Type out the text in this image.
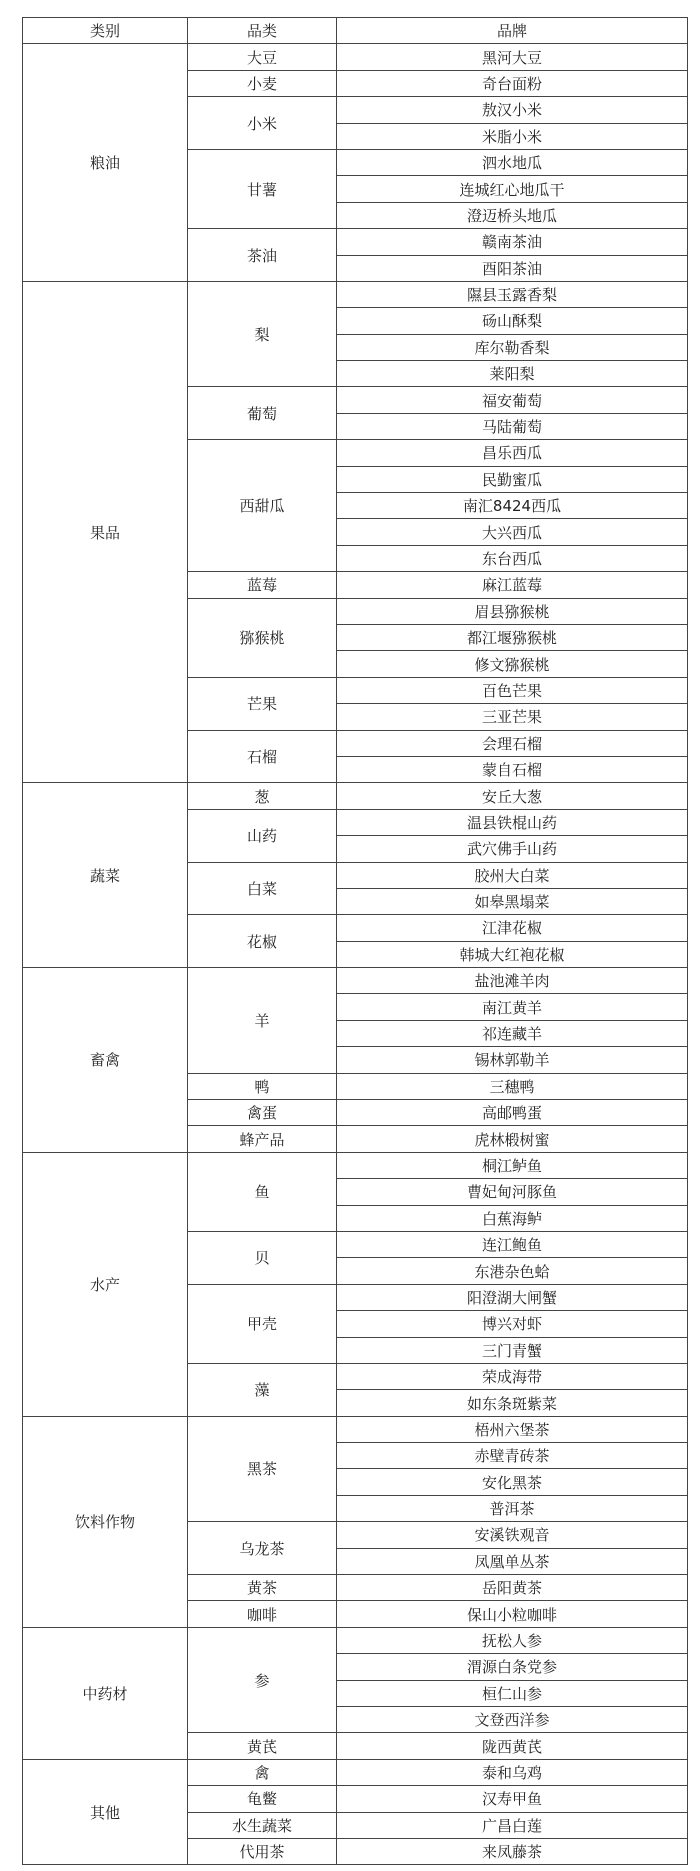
类别	品类	品牌
粮油	大豆	黑河大豆
	小麦	奇台面粉
	小米	敖汉小米
		米脂小米
	甘薯	泗水地瓜
		连城红心地瓜干
		澄迈桥头地瓜
	茶油	赣南茶油
		酉阳茶油
果品	梨	隰县玉露香梨
		砀山酥梨
		库尔勒香梨
		莱阳梨
	葡萄	福安葡萄
		马陆葡萄
	西甜瓜	昌乐西瓜
		民勤蜜瓜
		南汇8424西瓜
		大兴西瓜
		东台西瓜
	蓝莓	麻江蓝莓
	猕猴桃	眉县猕猴桃
		都江堰猕猴桃
		修文猕猴桃
	芒果	百色芒果
		三亚芒果
	石榴	会理石榴
		蒙自石榴
蔬菜	葱	安丘大葱
	山药	温县铁棍山药
		武穴佛手山药
	白菜	胶州大白菜
		如皋黑塌菜
	花椒	江津花椒
		韩城大红袍花椒
畜禽	羊	盐池滩羊肉
		南江黄羊
		祁连藏羊
		锡林郭勒羊
	鸭	三穗鸭
	禽蛋	高邮鸭蛋
	蜂产品	虎林椴树蜜
水产	鱼	桐江鲈鱼
		曹妃甸河豚鱼
		白蕉海鲈
	贝	连江鲍鱼
		东港杂色蛤
	甲壳	阳澄湖大闸蟹
		博兴对虾
		三门青蟹
	藻	荣成海带
		如东条斑紫菜
饮料作物	黑茶	梧州六堡茶
		赤壁青砖茶
		安化黑茶
		普洱茶
	乌龙茶	安溪铁观音
		凤凰单丛茶
	黄茶	岳阳黄茶
	咖啡	保山小粒咖啡
中药材	参	抚松人参
		渭源白条党参
		桓仁山参
		文登西洋参
	黄芪	陇西黄芪
其他	禽	泰和乌鸡
	龟鳖	汉寿甲鱼
	水生蔬菜	广昌白莲
	代用茶	来凤藤茶
